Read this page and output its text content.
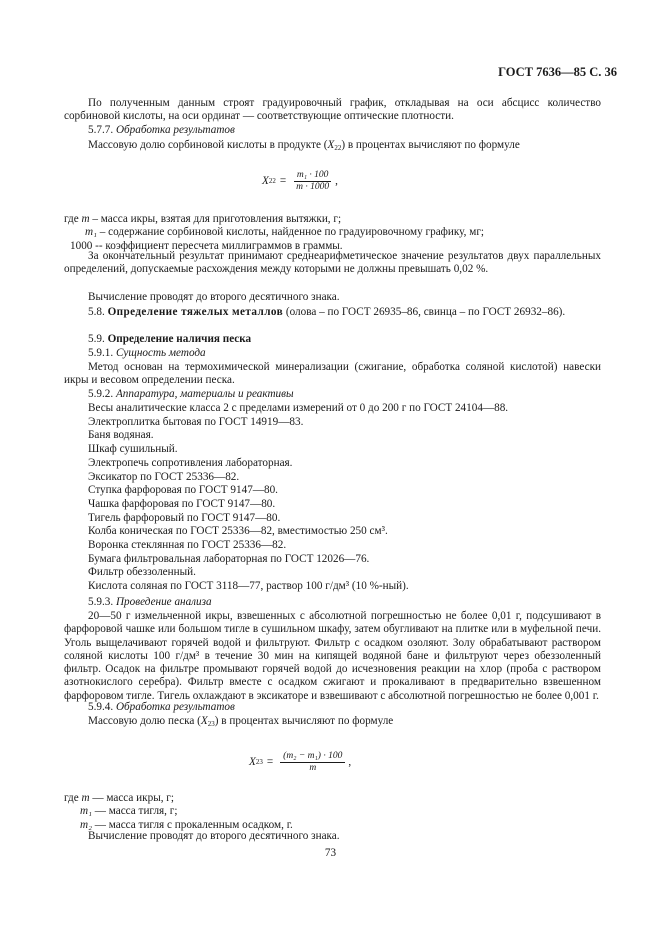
ГОСТ 7636—85 С. 36

По полученным данным строят градуировочный график, откладывая на оси абсцисс количество сорбиновой кислоты, на оси ординат — соответствующие оптические плотности.

5.7.7. Обработка результатов

Массовую долю сорбиновой кислоты в продукте $(X_{22})$ в процентах вычисляют по формуле

X $22 = \frac{\text{m₁ · 100}}{m \cdot 1000}$ ,
где m – масса икры, взятая для приготовления вытяжки, г;
m₁ – содержание сорбиновой кислоты, найденное по градуировочному графику, мг;
1000 -- коэффициент пересчета миллиграммов в граммы.

За окончательный результат принимают среднеарифметическое значение результатов двух параллельных определений, допускаемые расхождения между которыми не должны превышать 0,02 %.

Вычисление проводят до второго десятичного знака.

5.8. Определение тяжелых металлов (олова – по ГОСТ 26935–86, свинца – по ГОСТ 26932–86).

5.9. Определение наличия песка

5.9.1. Сущность метода

Метод основан на термохимической минерализации (сжигание, обработка соляной кислотой) навески икры и весовом определении песка.

5.9.2. Аппаратура, материалы и реактивы

Весы аналитические класса 2 с пределами измерений от 0 до 200 г по ГОСТ 24104—88.

Электроплитка бытовая по ГОСТ 14919—83.

Баня водяная.

Шкаф сушильный.

Электропечь сопротивления лабораторная.

Эксикатор по ГОСТ 25336—82.

Ступка фарфоровая по ГОСТ 9147—80.

Чашка фарфоровая по ГОСТ 9147—80.

Тигель фарфоровый по ГОСТ 9147—80.

Колба коническая по ГОСТ 25336—82, вместимостью 250 см³.

Воронка стеклянная по ГОСТ 25336—82.

Бумага фильтровальная лабораторная по ГОСТ 12026—76.

Фильтр обеззоленный.

Кислота соляная по ГОСТ 3118—77, раствор 100 г/дм³ (10 %-ный).

5.9.3. Проведение анализа

20—50 г измельченной икры, взвешенных с абсолютной погрешностью не более 0,01 г, подсушивают в фарфоровой чашке или большом тигле в сушильном шкафу, затем обугливают на плитке или в муфельной печи. Уголь выщелачивают горячей водой и фильтруют. Фильтр с осадком озоляют. Золу обрабатывают раствором соляной кислоты 100 г/дм³ в течение 30 мин на кипящей водяной бане и фильтруют через обеззоленный фильтр. Осадок на фильтре промывают горячей водой до исчезновения реакции на хлор (проба с раствором азотнокислого серебра). Фильтр вместе с осадком сжигают и прокаливают в предварительно взвешенном фарфоровом тигле. Тигель охлаждают в эксикаторе и взвешивают с абсолютной погрешностью не более 0,001 г.

5.9.4. Обработка результатов

Массовую долю песка $(X_{23})$ в процентах вычисляют по формуле

X $23 = \frac{\text{(m₂ − m₁) · 100}}{m}$ ,
где m — масса икры, г;
m₁ — масса тигля, г;
m₂ — масса тигля с прокаленным осадком, г.

Вычисление проводят до второго десятичного знака.

73
